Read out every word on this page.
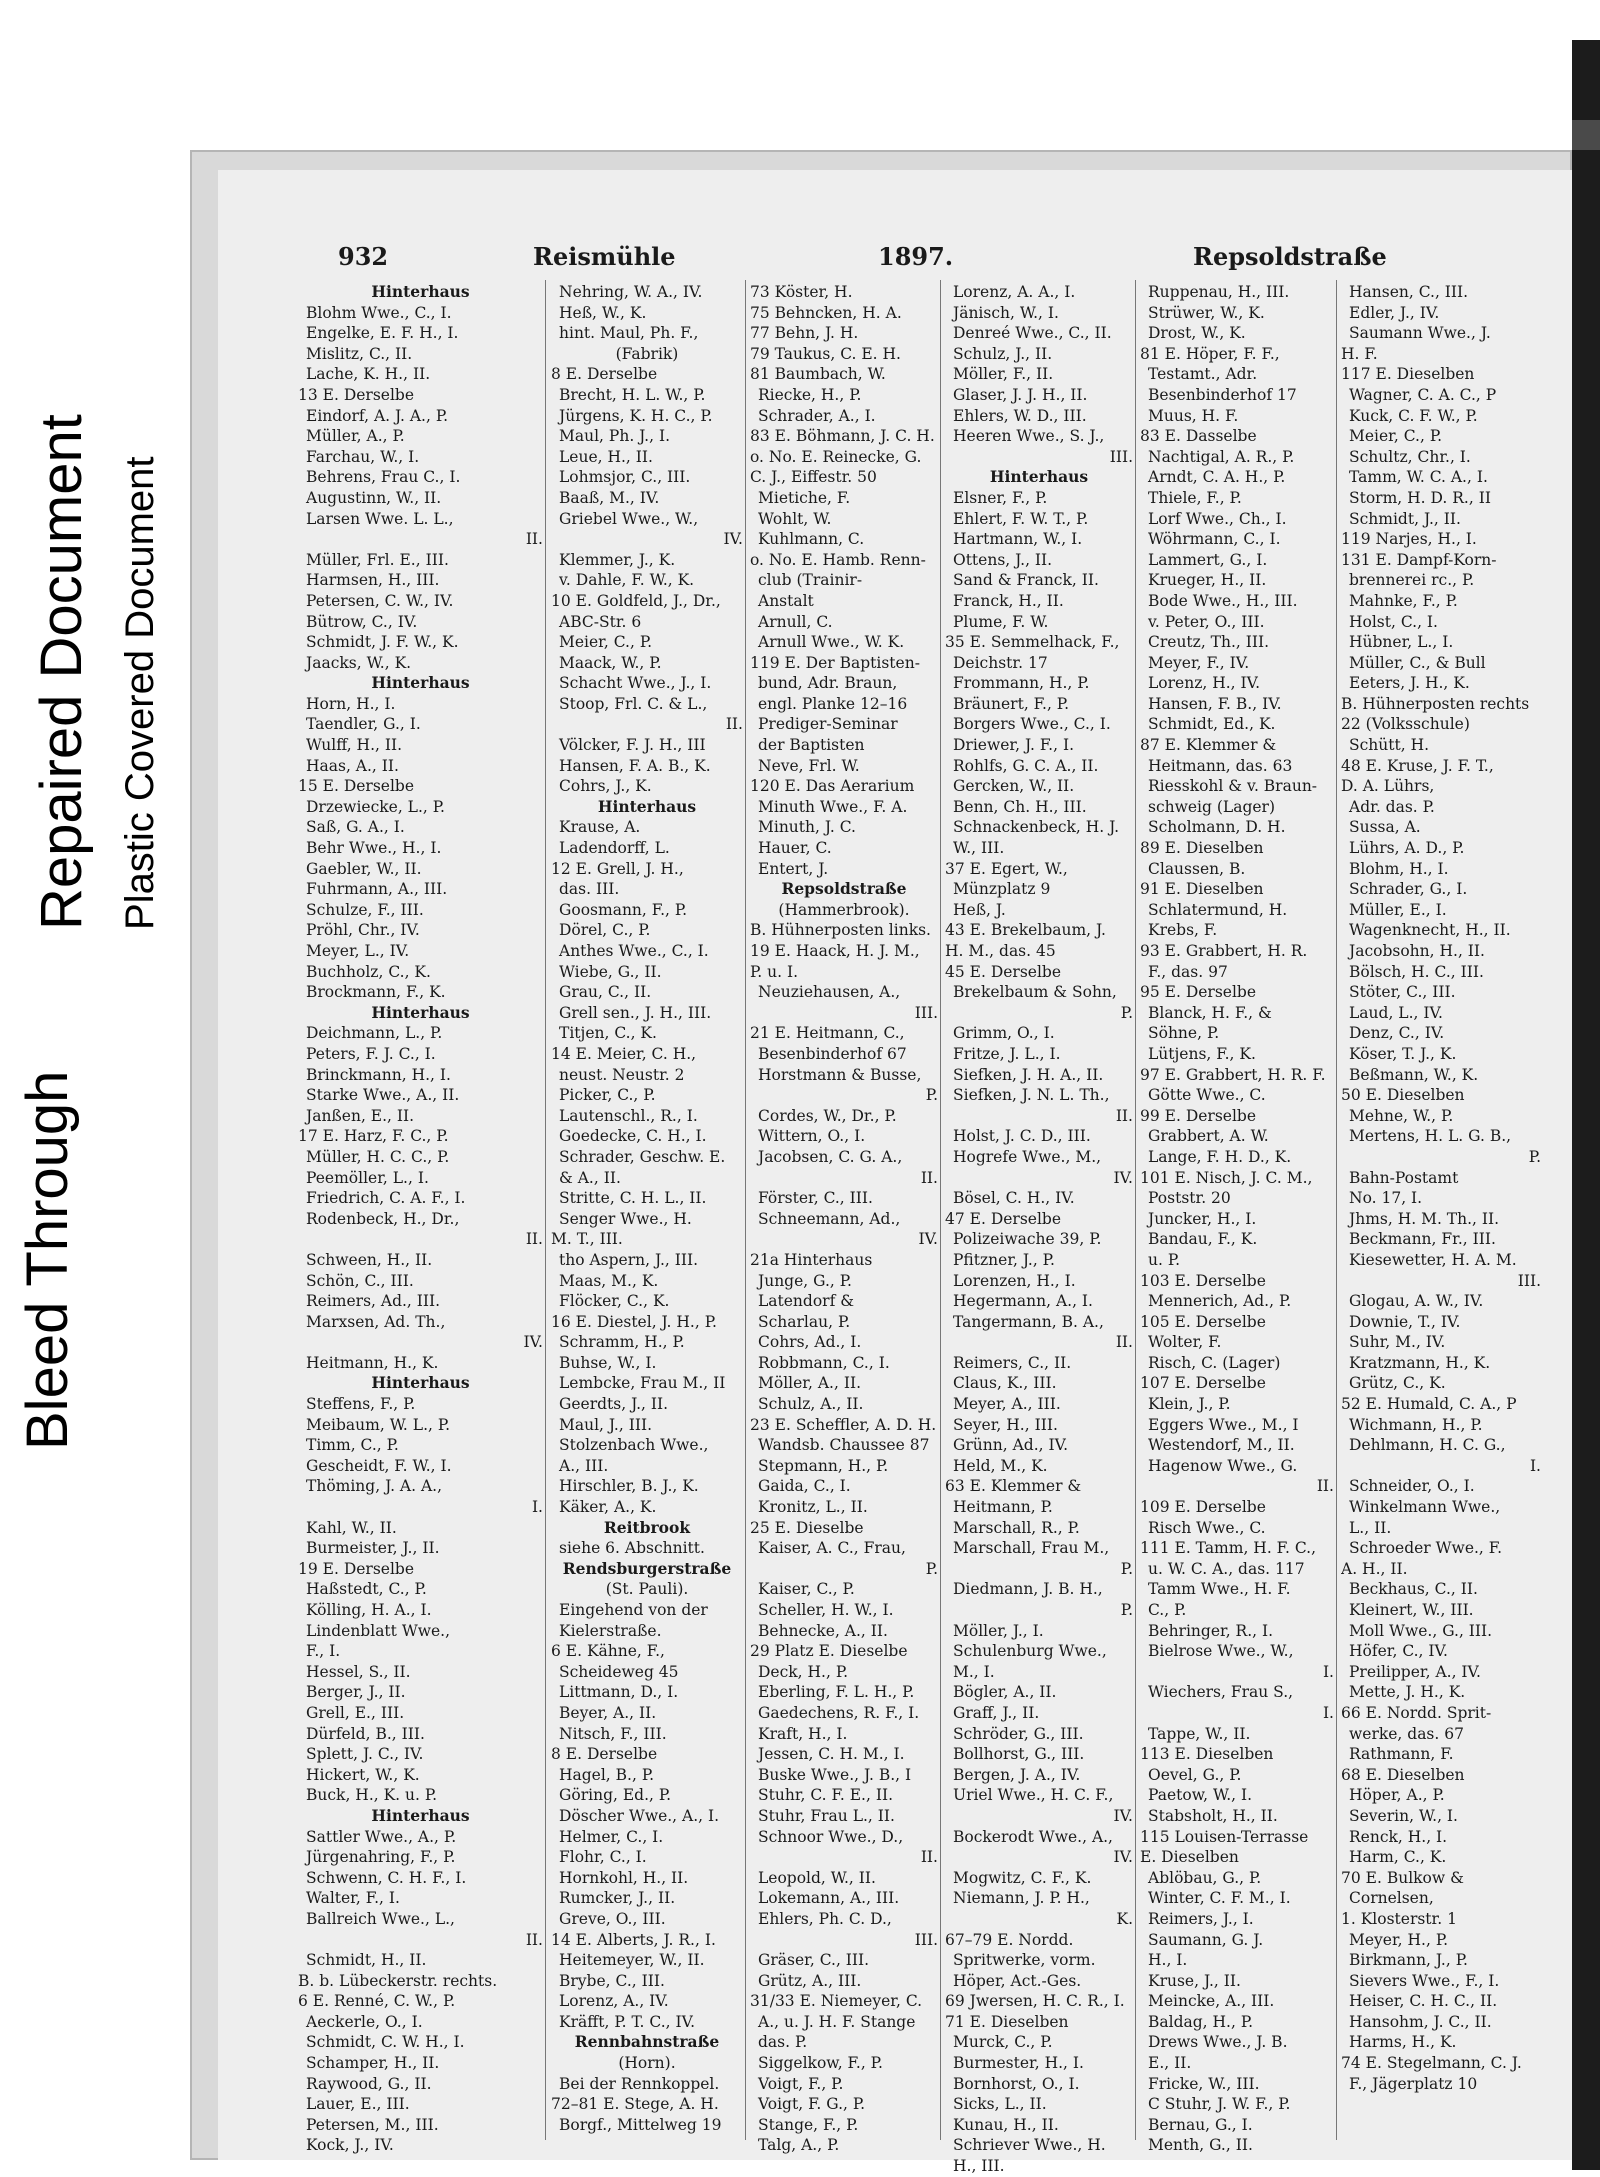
Bleed Through
Repaired Document Plastic Covered Document
932	Reismühle	1897.	Repsoldstraße
Hinterhaus
Blohm Wwe., C., I.
Engelke, E. F. H., I.
Mislitz, C., II.
Lache, K. H., II.
13 E. Derselbe
Eindorf, A. J. A., P.
Müller, A., P.
Farchau, W., I.
Behrens, Frau C., I.
Augustinn, W., II.
Larsen Wwe. L. L.,
II.
Müller, Frl. E., III.
Harmsen, H., III.
Petersen, C. W., IV.
Bütrow, C., IV.
Schmidt, J. F. W., K.
Jaacks, W., K.
Hinterhaus
Horn, H., I.
Taendler, G., I.
Wulff, H., II.
Haas, A., II.
15 E. Derselbe
Drzewiecke, L., P.
Saß, G. A., I.
Behr Wwe., H., I.
Gaebler, W., II.
Fuhrmann, A., III.
Schulze, F., III.
Pröhl, Chr., IV.
Meyer, L., IV.
Buchholz, C., K.
Brockmann, F., K.
Hinterhaus
Deichmann, L., P.
Peters, F. J. C., I.
Brinckmann, H., I.
Starke Wwe., A., II.
Janßen, E., II.
17 E. Harz, F. C., P.
Müller, H. C. C., P.
Peemöller, L., I.
Friedrich, C. A. F., I.
Rodenbeck, H., Dr.,
II.
Schween, H., II.
Schön, C., III.
Reimers, Ad., III.
Marxsen, Ad. Th.,
IV.
Heitmann, H., K.
Hinterhaus
Steffens, F., P.
Meibaum, W. L., P.
Timm, C., P.
Gescheidt, F. W., I.
Thöming, J. A. A.,
I.
Kahl, W., II.
Burmeister, J., II.
19 E. Derselbe
Haßstedt, C., P.
Kölling, H. A., I.
Lindenblatt Wwe.,
F., I.
Hessel, S., II.
Berger, J., II.
Grell, E., III.
Dürfeld, B., III.
Splett, J. C., IV.
Hickert, W., K.
Buck, H., K. u. P.
Hinterhaus
Sattler Wwe., A., P.
Jürgenahring, F., P.
Schwenn, C. H. F., I.
Walter, F., I.
Ballreich Wwe., L.,
II.
Schmidt, H., II.
B. b. Lübeckerstr. rechts.
6 E. Renné, C. W., P.
Aeckerle, O., I.
Schmidt, C. W. H., I.
Schamper, H., II.
Raywood, G., II.
Lauer, E., III.
Petersen, M., III.
Kock, J., IV.
Nehring, W. A., IV.
Heß, W., K.
hint. Maul, Ph. F.,
(Fabrik)
8 E. Derselbe
Brecht, H. L. W., P.
Jürgens, K. H. C., P.
Maul, Ph. J., I.
Leue, H., II.
Lohmsjor, C., III.
Baaß, M., IV.
Griebel Wwe., W.,
IV.
Klemmer, J., K.
v. Dahle, F. W., K.
10 E. Goldfeld, J., Dr.,
ABC-Str. 6
Meier, C., P.
Maack, W., P.
Schacht Wwe., J., I.
Stoop, Frl. C. & L.,
II.
Völcker, F. J. H., III
Hansen, F. A. B., K.
Cohrs, J., K.
Hinterhaus
Krause, A.
Ladendorff, L.
12 E. Grell, J. H.,
das. III.
Goosmann, F., P.
Dörel, C., P.
Anthes Wwe., C., I.
Wiebe, G., II.
Grau, C., II.
Grell sen., J. H., III.
Titjen, C., K.
14 E. Meier, C. H.,
neust. Neustr. 2
Picker, C., P.
Lautenschl., R., I.
Goedecke, C. H., I.
Schrader, Geschw. E.
& A., II.
Stritte, C. H. L., II.
Senger Wwe., H.
M. T., III.
tho Aspern, J., III.
Maas, M., K.
Flöcker, C., K.
16 E. Diestel, J. H., P.
Schramm, H., P.
Buhse, W., I.
Lembcke, Frau M., II
Geerdts, J., II.
Maul, J., III.
Stolzenbach Wwe.,
A., III.
Hirschler, B. J., K.
Käker, A., K.
Reitbrook
siehe 6. Abschnitt.
Rendsburgerstraße
(St. Pauli).
Eingehend von der
Kielerstraße.
6 E. Kähne, F.,
Scheideweg 45
Littmann, D., I.
Beyer, A., II.
Nitsch, F., III.
8 E. Derselbe
Hagel, B., P.
Göring, Ed., P.
Döscher Wwe., A., I.
Helmer, C., I.
Flohr, C., I.
Hornkohl, H., II.
Rumcker, J., II.
Greve, O., III.
14 E. Alberts, J. R., I.
Heitemeyer, W., II.
Brybe, C., III.
Lorenz, A., IV.
Kräfft, P. T. C., IV.
Rennbahnstraße
(Horn).
Bei der Rennkoppel.
72–81 E. Stege, A. H.
Borgf., Mittelweg 19
73 Köster, H.
75 Behncken, H. A.
77 Behn, J. H.
79 Taukus, C. E. H.
81 Baumbach, W.
Riecke, H., P.
Schrader, A., I.
83 E. Böhmann, J. C. H.
o. No. E. Reinecke, G.
C. J., Eiffestr. 50
Mietiche, F.
Wohlt, W.
Kuhlmann, C.
o. No. E. Hamb. Renn-
club (Trainir-
Anstalt
Arnull, C.
Arnull Wwe., W. K.
119 E. Der Baptisten-
bund, Adr. Braun,
engl. Planke 12–16
Prediger-Seminar
der Baptisten
Neve, Frl. W.
120 E. Das Aerarium
Minuth Wwe., F. A.
Minuth, J. C.
Hauer, C.
Entert, J.
Repsoldstraße
(Hammerbrook).
B. Hühnerposten links.
19 E. Haack, H. J. M.,
P. u. I.
Neuziehausen, A.,
III.
21 E. Heitmann, C.,
Besenbinderhof 67
Horstmann & Busse,
P.
Cordes, W., Dr., P.
Wittern, O., I.
Jacobsen, C. G. A.,
II.
Förster, C., III.
Schneemann, Ad.,
IV.
21a Hinterhaus
Junge, G., P.
Latendorf &
Scharlau, P.
Cohrs, Ad., I.
Robbmann, C., I.
Möller, A., II.
Schulz, A., II.
23 E. Scheffler, A. D. H.
Wandsb. Chaussee 87
Stepmann, H., P.
Gaida, C., I.
Kronitz, L., II.
25 E. Dieselbe
Kaiser, A. C., Frau,
P.
Kaiser, C., P.
Scheller, H. W., I.
Behnecke, A., II.
29 Platz E. Dieselbe
Deck, H., P.
Eberling, F. L. H., P.
Gaedechens, R. F., I.
Kraft, H., I.
Jessen, C. H. M., I.
Buske Wwe., J. B., I
Stuhr, C. F. E., II.
Stuhr, Frau L., II.
Schnoor Wwe., D.,
II.
Leopold, W., II.
Lokemann, A., III.
Ehlers, Ph. C. D.,
III.
Gräser, C., III.
Grütz, A., III.
31/33 E. Niemeyer, C.
A., u. J. H. F. Stange
das. P.
Siggelkow, F., P.
Voigt, F., P.
Voigt, F. G., P.
Stange, F., P.
Talg, A., P.
Lorenz, A. A., I.
Jänisch, W., I.
Denreé Wwe., C., II.
Schulz, J., II.
Möller, F., II.
Glaser, J. J. H., II.
Ehlers, W. D., III.
Heeren Wwe., S. J.,
III.
Hinterhaus
Elsner, F., P.
Ehlert, F. W. T., P.
Hartmann, W., I.
Ottens, J., II.
Sand & Franck, II.
Franck, H., II.
Plume, F. W.
35 E. Semmelhack, F.,
Deichstr. 17
Frommann, H., P.
Bräunert, F., P.
Borgers Wwe., C., I.
Driewer, J. F., I.
Rohlfs, G. C. A., II.
Gercken, W., II.
Benn, Ch. H., III.
Schnackenbeck, H. J.
W., III.
37 E. Egert, W.,
Münzplatz 9
Heß, J.
43 E. Brekelbaum, J.
H. M., das. 45
45 E. Derselbe
Brekelbaum & Sohn,
P.
Grimm, O., I.
Fritze, J. L., I.
Siefken, J. H. A., II.
Siefken, J. N. L. Th.,
II.
Holst, J. C. D., III.
Hogrefe Wwe., M.,
IV.
Bösel, C. H., IV.
47 E. Derselbe
Polizeiwache 39, P.
Pfitzner, J., P.
Lorenzen, H., I.
Hegermann, A., I.
Tangermann, B. A.,
II.
Reimers, C., II.
Claus, K., III.
Meyer, A., III.
Seyer, H., III.
Grünn, Ad., IV.
Held, M., K.
63 E. Klemmer &
Heitmann, P.
Marschall, R., P.
Marschall, Frau M.,
P.
Diedmann, J. B. H.,
P.
Möller, J., I.
Schulenburg Wwe.,
M., I.
Bögler, A., II.
Graff, J., II.
Schröder, G., III.
Bollhorst, G., III.
Bergen, J. A., IV.
Uriel Wwe., H. C. F.,
IV.
Bockerodt Wwe., A.,
IV.
Mogwitz, C. F., K.
Niemann, J. P. H.,
K.
67–79 E. Nordd.
Spritwerke, vorm.
Höper, Act.-Ges.
69 Jwersen, H. C. R., I.
71 E. Dieselben
Murck, C., P.
Burmester, H., I.
Bornhorst, O., I.
Sicks, L., II.
Kunau, H., II.
Schriever Wwe., H.
H., III.
Ruppenau, H., III.
Strüwer, W., K.
Drost, W., K.
81 E. Höper, F. F.,
Testamt., Adr.
Besenbinderhof 17
Muus, H. F.
83 E. Dasselbe
Nachtigal, A. R., P.
Arndt, C. A. H., P.
Thiele, F., P.
Lorf Wwe., Ch., I.
Wöhrmann, C., I.
Lammert, G., I.
Krueger, H., II.
Bode Wwe., H., III.
v. Peter, O., III.
Creutz, Th., III.
Meyer, F., IV.
Lorenz, H., IV.
Hansen, F. B., IV.
Schmidt, Ed., K.
87 E. Klemmer &
Heitmann, das. 63
Riesskohl & v. Braun-
schweig (Lager)
Scholmann, D. H.
89 E. Dieselben
Claussen, B.
91 E. Dieselben
Schlatermund, H.
Krebs, F.
93 E. Grabbert, H. R.
F., das. 97
95 E. Derselbe
Blanck, H. F., &
Söhne, P.
Lütjens, F., K.
97 E. Grabbert, H. R. F.
Götte Wwe., C.
99 E. Derselbe
Grabbert, A. W.
Lange, F. H. D., K.
101 E. Nisch, J. C. M.,
Poststr. 20
Juncker, H., I.
Bandau, F., K.
u. P.
103 E. Derselbe
Mennerich, Ad., P.
105 E. Derselbe
Wolter, F.
Risch, C. (Lager)
107 E. Derselbe
Klein, J., P.
Eggers Wwe., M., I
Westendorf, M., II.
Hagenow Wwe., G.
II.
109 E. Derselbe
Risch Wwe., C.
111 E. Tamm, H. F. C.,
u. W. C. A., das. 117
Tamm Wwe., H. F.
C., P.
Behringer, R., I.
Bielrose Wwe., W.,
I.
Wiechers, Frau S.,
I.
Tappe, W., II.
113 E. Dieselben
Oevel, G., P.
Paetow, W., I.
Stabsholt, H., II.
115 Louisen-Terrasse
E. Dieselben
Ablöbau, G., P.
Winter, C. F. M., I.
Reimers, J., I.
Saumann, G. J.
H., I.
Kruse, J., II.
Meincke, A., III.
Baldag, H., P.
Drews Wwe., J. B.
E., II.
Fricke, W., III.
C Stuhr, J. W. F., P.
Bernau, G., I.
Menth, G., II.
Hansen, C., III.
Edler, J., IV.
Saumann Wwe., J.
H. F.
117 E. Dieselben
Wagner, C. A. C., P
Kuck, C. F. W., P.
Meier, C., P.
Schultz, Chr., I.
Tamm, W. C. A., I.
Storm, H. D. R., II
Schmidt, J., II.
119 Narjes, H., I.
131 E. Dampf-Korn-
brennerei rc., P.
Mahnke, F., P.
Holst, C., I.
Hübner, L., I.
Müller, C., & Bull
Eeters, J. H., K.
B. Hühnerposten rechts
22 (Volksschule)
Schütt, H.
48 E. Kruse, J. F. T.,
D. A. Lührs,
Adr. das. P.
Sussa, A.
Lührs, A. D., P.
Blohm, H., I.
Schrader, G., I.
Müller, E., I.
Wagenknecht, H., II.
Jacobsohn, H., II.
Bölsch, H. C., III.
Stöter, C., III.
Laud, L., IV.
Denz, C., IV.
Köser, T. J., K.
Beßmann, W., K.
50 E. Dieselben
Mehne, W., P.
Mertens, H. L. G. B.,
P.
Bahn-Postamt
No. 17, I.
Jhms, H. M. Th., II.
Beckmann, Fr., III.
Kiesewetter, H. A. M.
III.
Glogau, A. W., IV.
Downie, T., IV.
Suhr, M., IV.
Kratzmann, H., K.
Grütz, C., K.
52 E. Humald, C. A., P
Wichmann, H., P.
Dehlmann, H. C. G.,
I.
Schneider, O., I.
Winkelmann Wwe.,
L., II.
Schroeder Wwe., F.
A. H., II.
Beckhaus, C., II.
Kleinert, W., III.
Moll Wwe., G., III.
Höfer, C., IV.
Preilipper, A., IV.
Mette, J. H., K.
66 E. Nordd. Sprit-
werke, das. 67
Rathmann, F.
68 E. Dieselben
Höper, A., P.
Severin, W., I.
Renck, H., I.
Harm, C., K.
70 E. Bulkow &
Cornelsen,
1. Klosterstr. 1
Meyer, H., P.
Birkmann, J., P.
Sievers Wwe., F., I.
Heiser, C. H. C., II.
Hansohm, J. C., II.
Harms, H., K.
74 E. Stegelmann, C. J.
F., Jägerplatz 10
